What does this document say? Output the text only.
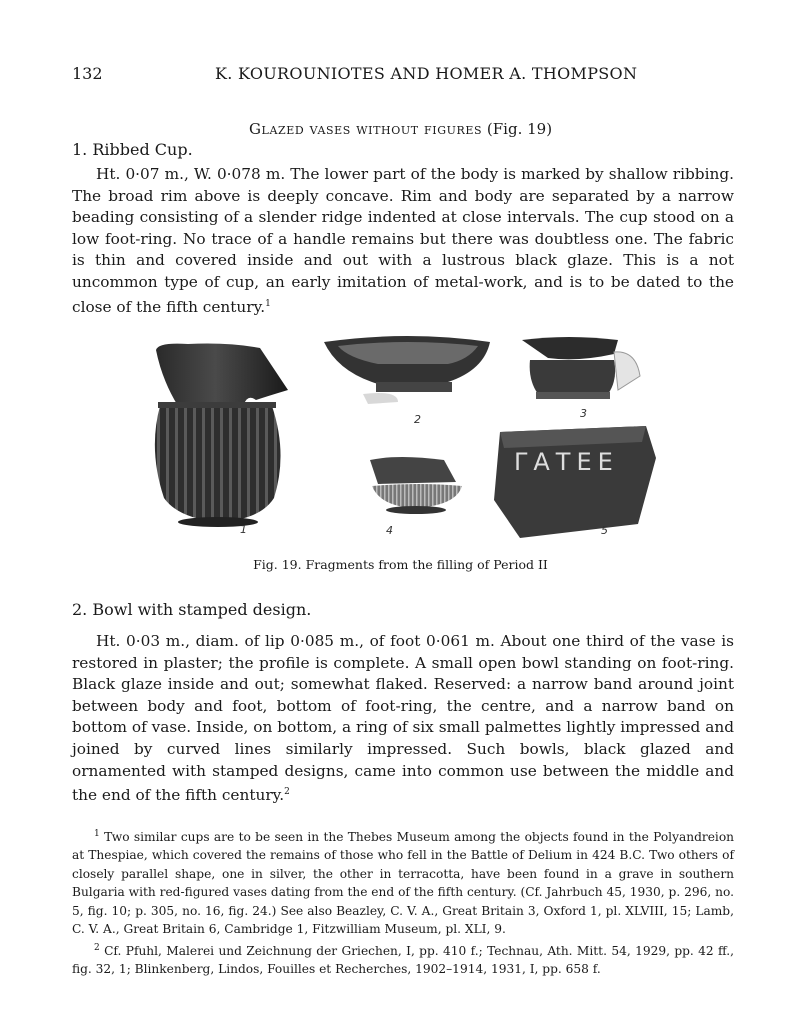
132	K. KOUROUNIOTES AND HOMER A. THOMPSON
Glazed vases without figures (Fig. 19)
1. Ribbed Cup.
Ht. 0·07 m., W. 0·078 m. The lower part of the body is marked by shallow ribbing. The broad rim above is deeply concave. Rim and body are separated by a narrow beading consisting of a slender ridge indented at close intervals. The cup stood on a low foot-ring. No trace of a handle remains but there was doubtless one. The fabric is thin and covered inside and out with a lustrous black glaze. This is a not uncommon type of cup, an early imitation of metal-work, and is to be dated to the close of the fifth century.$^1$
ΓΑΤΕΕ
1
2	3
4	5
Fig. 19. Fragments from the filling of Period II
2. Bowl with stamped design.
Ht. 0·03 m., diam. of lip 0·085 m., of foot 0·061 m. About one third of the vase is restored in plaster; the profile is complete. A small open bowl standing on foot-ring. Black glaze inside and out; somewhat flaked. Reserved: a narrow band around joint between body and foot, bottom of foot-ring, the centre, and a narrow band on bottom of vase. Inside, on bottom, a ring of six small palmettes lightly impressed and joined by curved lines similarly impressed. Such bowls, black glazed and ornamented with stamped designs, came into common use between the middle and the end of the fifth century.$^2$

$^1$ Two similar cups are to be seen in the Thebes Museum among the objects found in the Polyandreion at Thespiae, which covered the remains of those who fell in the Battle of Delium in 424 B.C. Two others of closely parallel shape, one in silver, the other in terracotta, have been found in a grave in southern Bulgaria with red-figured vases dating from the end of the fifth century. (Cf. Jahrbuch 45, 1930, p. 296, no. 5, fig. 10; p. 305, no. 16, fig. 24.) See also Beazley, C. V. A., Great Britain 3, Oxford 1, pl. XLVIII, 15; Lamb, C. V. A., Great Britain 6, Cambridge 1, Fitzwilliam Museum, pl. XLI, 9.

$^2$ Cf. Pfuhl, Malerei und Zeichnung der Griechen, I, pp. 410 f.; Technau, Ath. Mitt. 54, 1929, pp. 42 ff., fig. 32, 1; Blinkenberg, Lindos, Fouilles et Recherches, 1902–1914, 1931, I, pp. 658 f.
